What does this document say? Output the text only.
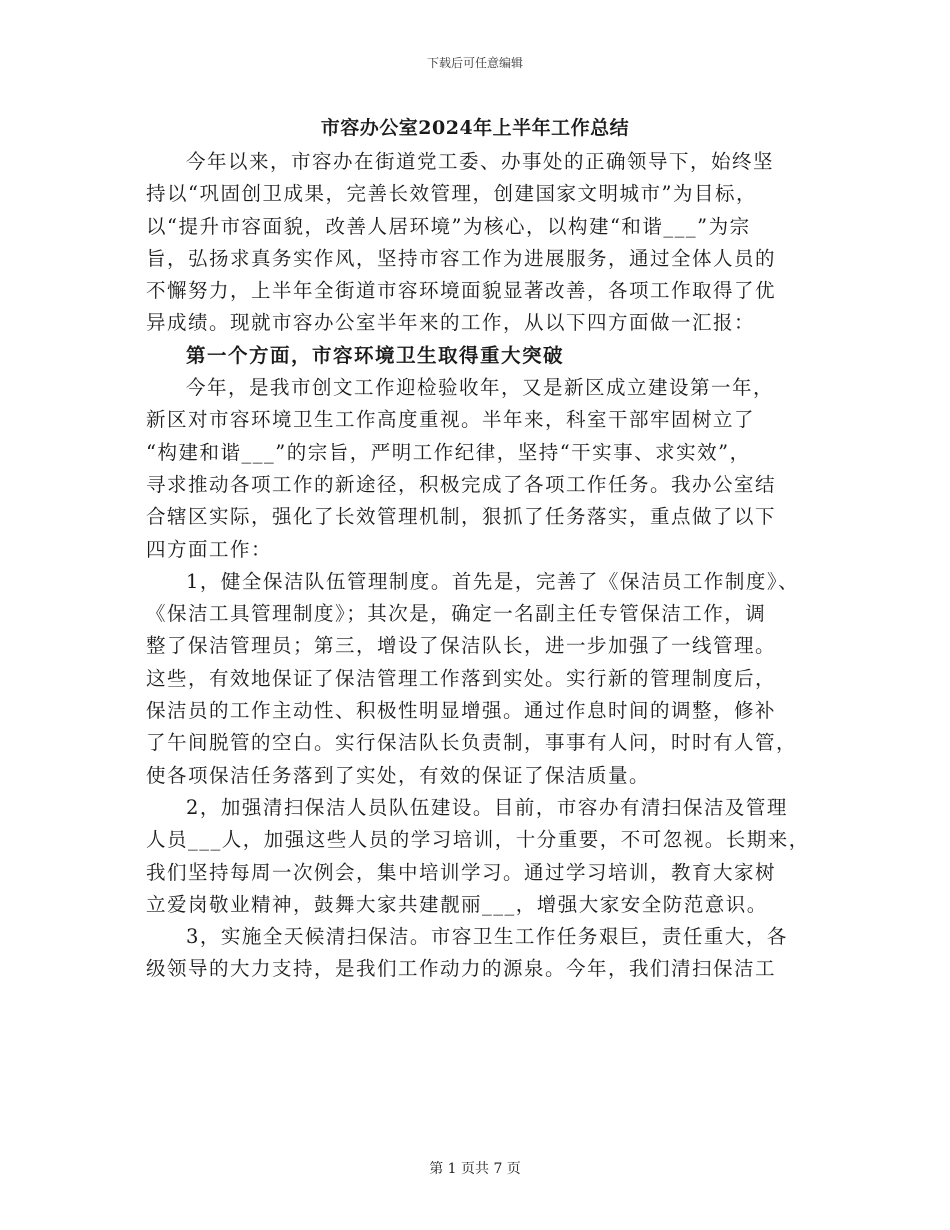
下载后可任意编辑
市容办公室2024年上半年工作总结
今年以来，市容办在街道党工委、办事处的正确领导下，始终坚
持以“巩固创卫成果，完善长效管理，创建国家文明城市”为目标，
以“提升市容面貌，改善人居环境”为核心，以构建“和谐___”为宗
旨，弘扬求真务实作风，坚持市容工作为进展服务，通过全体人员的
不懈努力，上半年全街道市容环境面貌显著改善，各项工作取得了优
异成绩。现就市容办公室半年来的工作，从以下四方面做一汇报：
第一个方面，市容环境卫生取得重大突破
今年，是我市创文工作迎检验收年，又是新区成立建设第一年，
新区对市容环境卫生工作高度重视。半年来，科室干部牢固树立了
“构建和谐___”的宗旨，严明工作纪律，坚持“干实事、求实效”，
寻求推动各项工作的新途径，积极完成了各项工作任务。我办公室结
合辖区实际，强化了长效管理机制，狠抓了任务落实，重点做了以下
四方面工作：
1，健全保洁队伍管理制度。首先是，完善了《保洁员工作制度》、
《保洁工具管理制度》；其次是，确定一名副主任专管保洁工作，调
整了保洁管理员；第三，增设了保洁队长，进一步加强了一线管理。
这些，有效地保证了保洁管理工作落到实处。实行新的管理制度后，
保洁员的工作主动性、积极性明显增强。通过作息时间的调整，修补
了午间脱管的空白。实行保洁队长负责制，事事有人问，时时有人管，
使各项保洁任务落到了实处，有效的保证了保洁质量。
2，加强清扫保洁人员队伍建设。目前，市容办有清扫保洁及管理
人员___人，加强这些人员的学习培训，十分重要，不可忽视。长期来，
我们坚持每周一次例会，集中培训学习。通过学习培训，教育大家树
立爱岗敬业精神，鼓舞大家共建靓丽___，增强大家安全防范意识。
3，实施全天候清扫保洁。市容卫生工作任务艰巨，责任重大，各
级领导的大力支持，是我们工作动力的源泉。今年，我们清扫保洁工
第 1 页共 7 页
